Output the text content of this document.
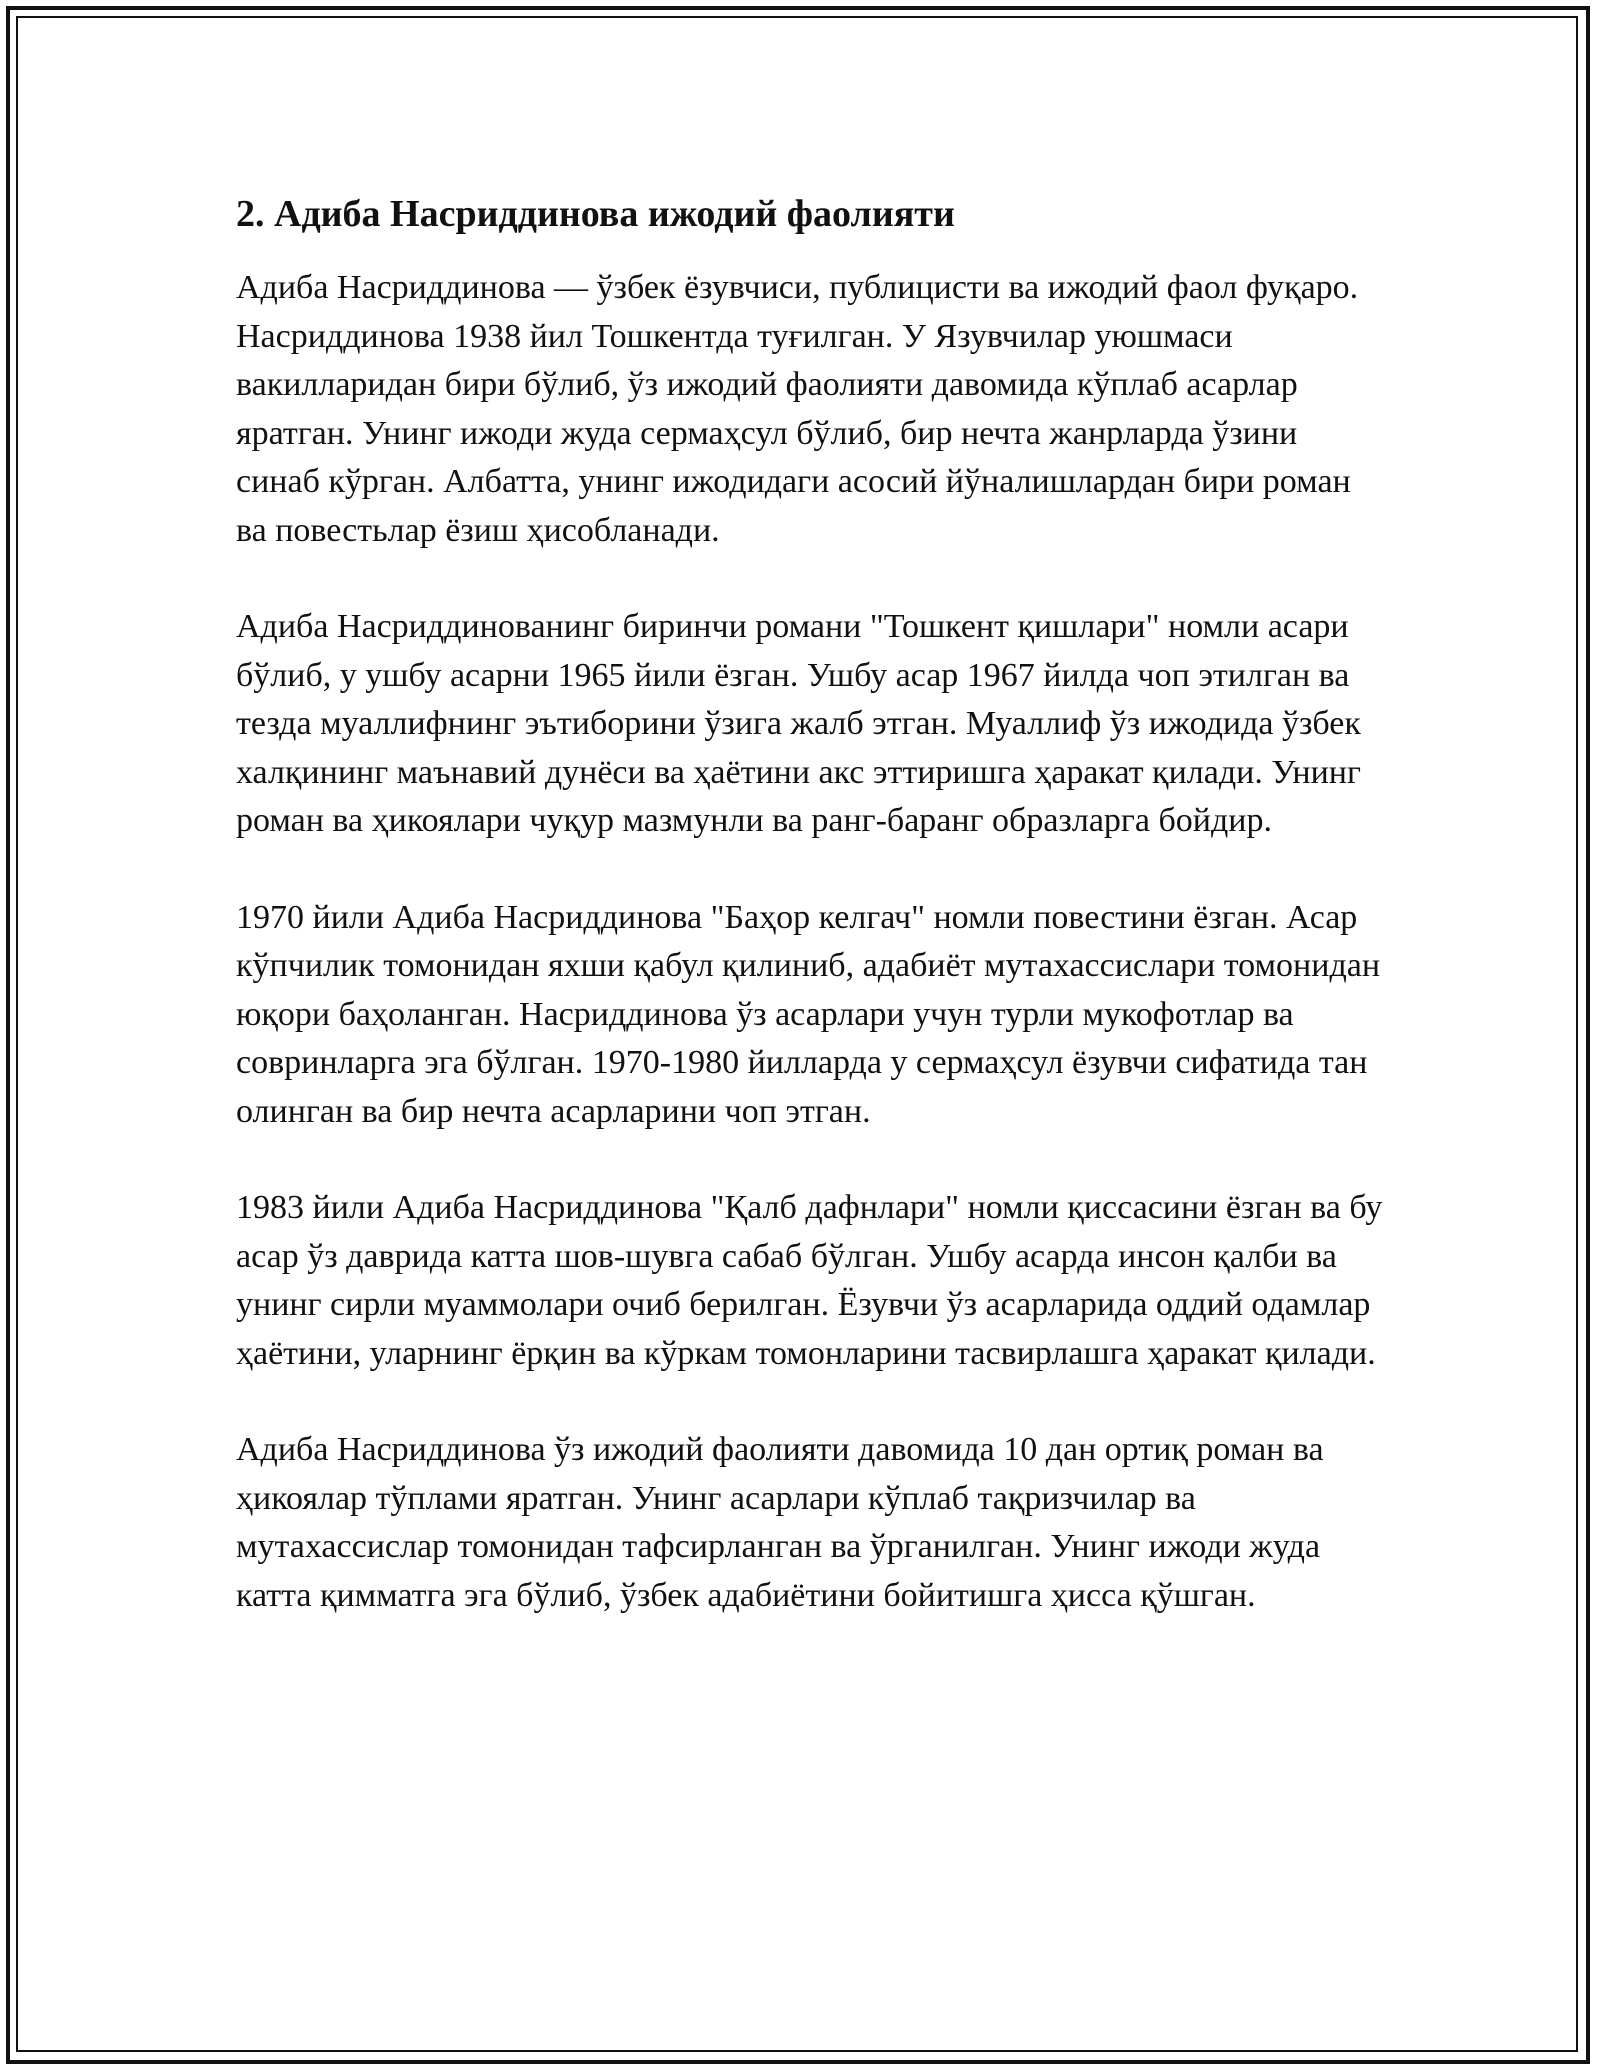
2. Адиба Насриддинова ижодий фаолияти

Адиба Насриддинова — ўзбек ёзувчиси, публицисти ва ижодий фаол фуқаро. Насриддинова 1938 йил Тошкентда туғилган. У Язувчилар уюшмаси вакилларидан бири бўлиб, ўз ижодий фаолияти давомида кўплаб асарлар яратган. Унинг ижоди жуда сермаҳсул бўлиб, бир нечта жанрларда ўзини синаб кўрган. Албатта, унинг ижодидаги асосий йўналишлардан бири роман ва повестьлар ёзиш ҳисобланади.

Адиба Насриддинованинг биринчи романи "Тошкент қишлари" номли асари бўлиб, у ушбу асарни 1965 йили ёзган. Ушбу асар 1967 йилда чоп этилган ва тезда муаллифнинг эътиборини ўзига жалб этган. Муаллиф ўз ижодида ўзбек халқининг маънавий дунёси ва ҳаётини акс эттиришга ҳаракат қилади. Унинг роман ва ҳикоялари чуқур мазмунли ва ранг-баранг образларга бойдир.

1970 йили Адиба Насриддинова "Баҳор келгач" номли повестини ёзган. Асар кўпчилик томонидан яхши қабул қилиниб, адабиёт мутахассислари томонидан юқори баҳоланган. Насриддинова ўз асарлари учун турли мукофотлар ва совринларга эга бўлган. 1970-1980 йилларда у сермаҳсул ёзувчи сифатида тан олинган ва бир нечта асарларини чоп этган.

1983 йили Адиба Насриддинова "Қалб дафнлари" номли қиссасини ёзган ва бу асар ўз даврида катта шов-шувга сабаб бўлган. Ушбу асарда инсон қалби ва унинг сирли муаммолари очиб берилган. Ёзувчи ўз асарларида оддий одамлар ҳаётини, уларнинг ёрқин ва кўркам томонларини тасвирлашга ҳаракат қилади.

Адиба Насриддинова ўз ижодий фаолияти давомида 10 дан ортиқ роман ва ҳикоялар тўплами яратган. Унинг асарлари кўплаб тақризчилар ва мутахассислар томонидан тафсирланган ва ўрганилган. Унинг ижоди жуда катта қимматга эга бўлиб, ўзбек адабиётини бойитишга ҳисса қўшган.
